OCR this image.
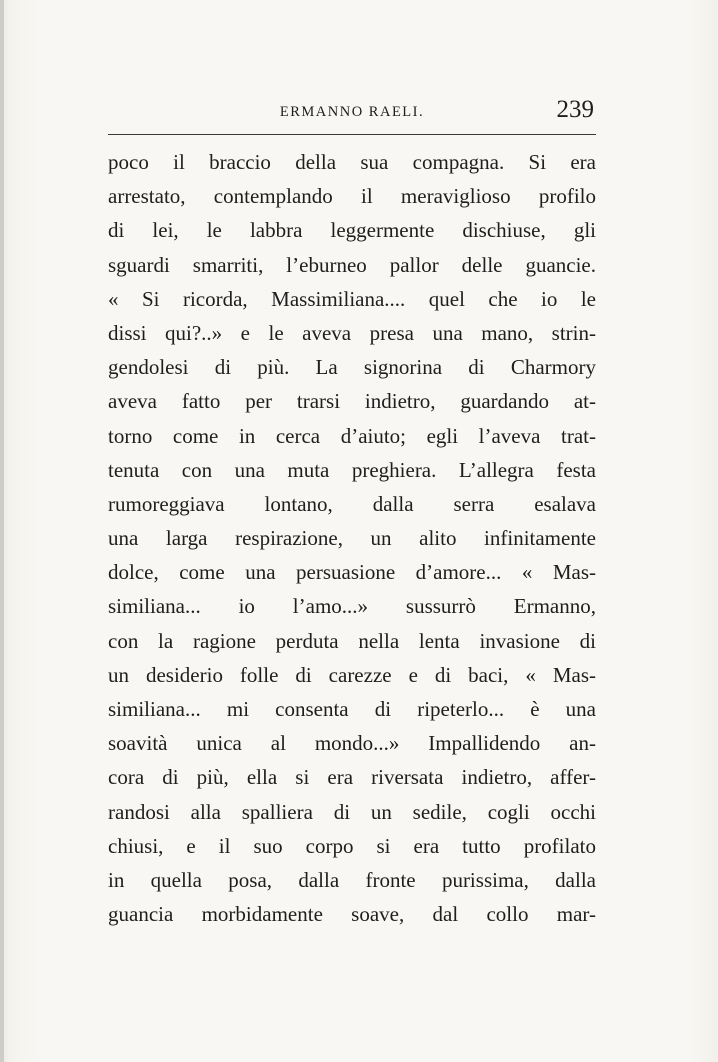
ERMANNO RAELI.	239
poco il braccio della sua compagna. Si era
arrestato, contemplando il meraviglioso profilo
di lei, le labbra leggermente dischiuse, gli
sguardi smarriti, l’eburneo pallor delle guancie.
« Si ricorda, Massimiliana.... quel che io le
dissi qui?..» e le aveva presa una mano, strin-
gendolesi di più. La signorina di Charmory
aveva fatto per trarsi indietro, guardando at-
torno come in cerca d’aiuto; egli l’aveva trat-
tenuta con una muta preghiera. L’allegra festa
rumoreggiava lontano, dalla serra esalava
una larga respirazione, un alito infinitamente
dolce, come una persuasione d’amore... « Mas-
similiana... io l’amo...» sussurrò Ermanno,
con la ragione perduta nella lenta invasione di
un desiderio folle di carezze e di baci, « Mas-
similiana... mi consenta di ripeterlo... è una
soavità unica al mondo...» Impallidendo an-
cora di più, ella si era riversata indietro, affer-
randosi alla spalliera di un sedile, cogli occhi
chiusi, e il suo corpo si era tutto profilato
in quella posa, dalla fronte purissima, dalla
guancia morbidamente soave, dal collo mar-
